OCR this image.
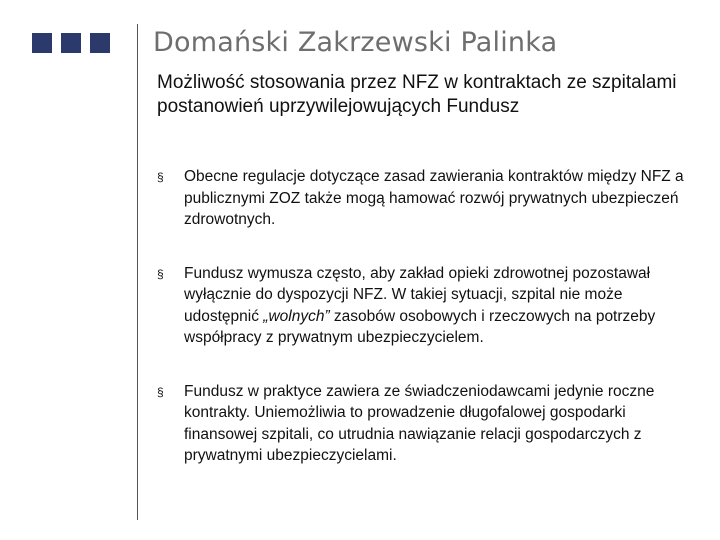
Domański Zakrzewski Palinka
Możliwość stosowania przez NFZ w kontraktach ze szpitalami postanowień uprzywilejowujących Fundusz
§	Obecne regulacje dotyczące zasad zawierania kontraktów między NFZ a publicznymi ZOZ także mogą hamować rozwój prywatnych ubezpieczeń zdrowotnych.
§	Fundusz wymusza często, aby zakład opieki zdrowotnej pozostawał wyłącznie do dyspozycji NFZ. W takiej sytuacji, szpital nie może udostępnić „wolnych” zasobów osobowych i rzeczowych na potrzeby współpracy z prywatnym ubezpieczycielem.
§	Fundusz w praktyce zawiera ze świadczeniodawcami jedynie roczne kontrakty. Uniemożliwia to prowadzenie długofalowej gospodarki finansowej szpitali, co utrudnia nawiązanie relacji gospodarczych z prywatnymi ubezpieczycielami.
